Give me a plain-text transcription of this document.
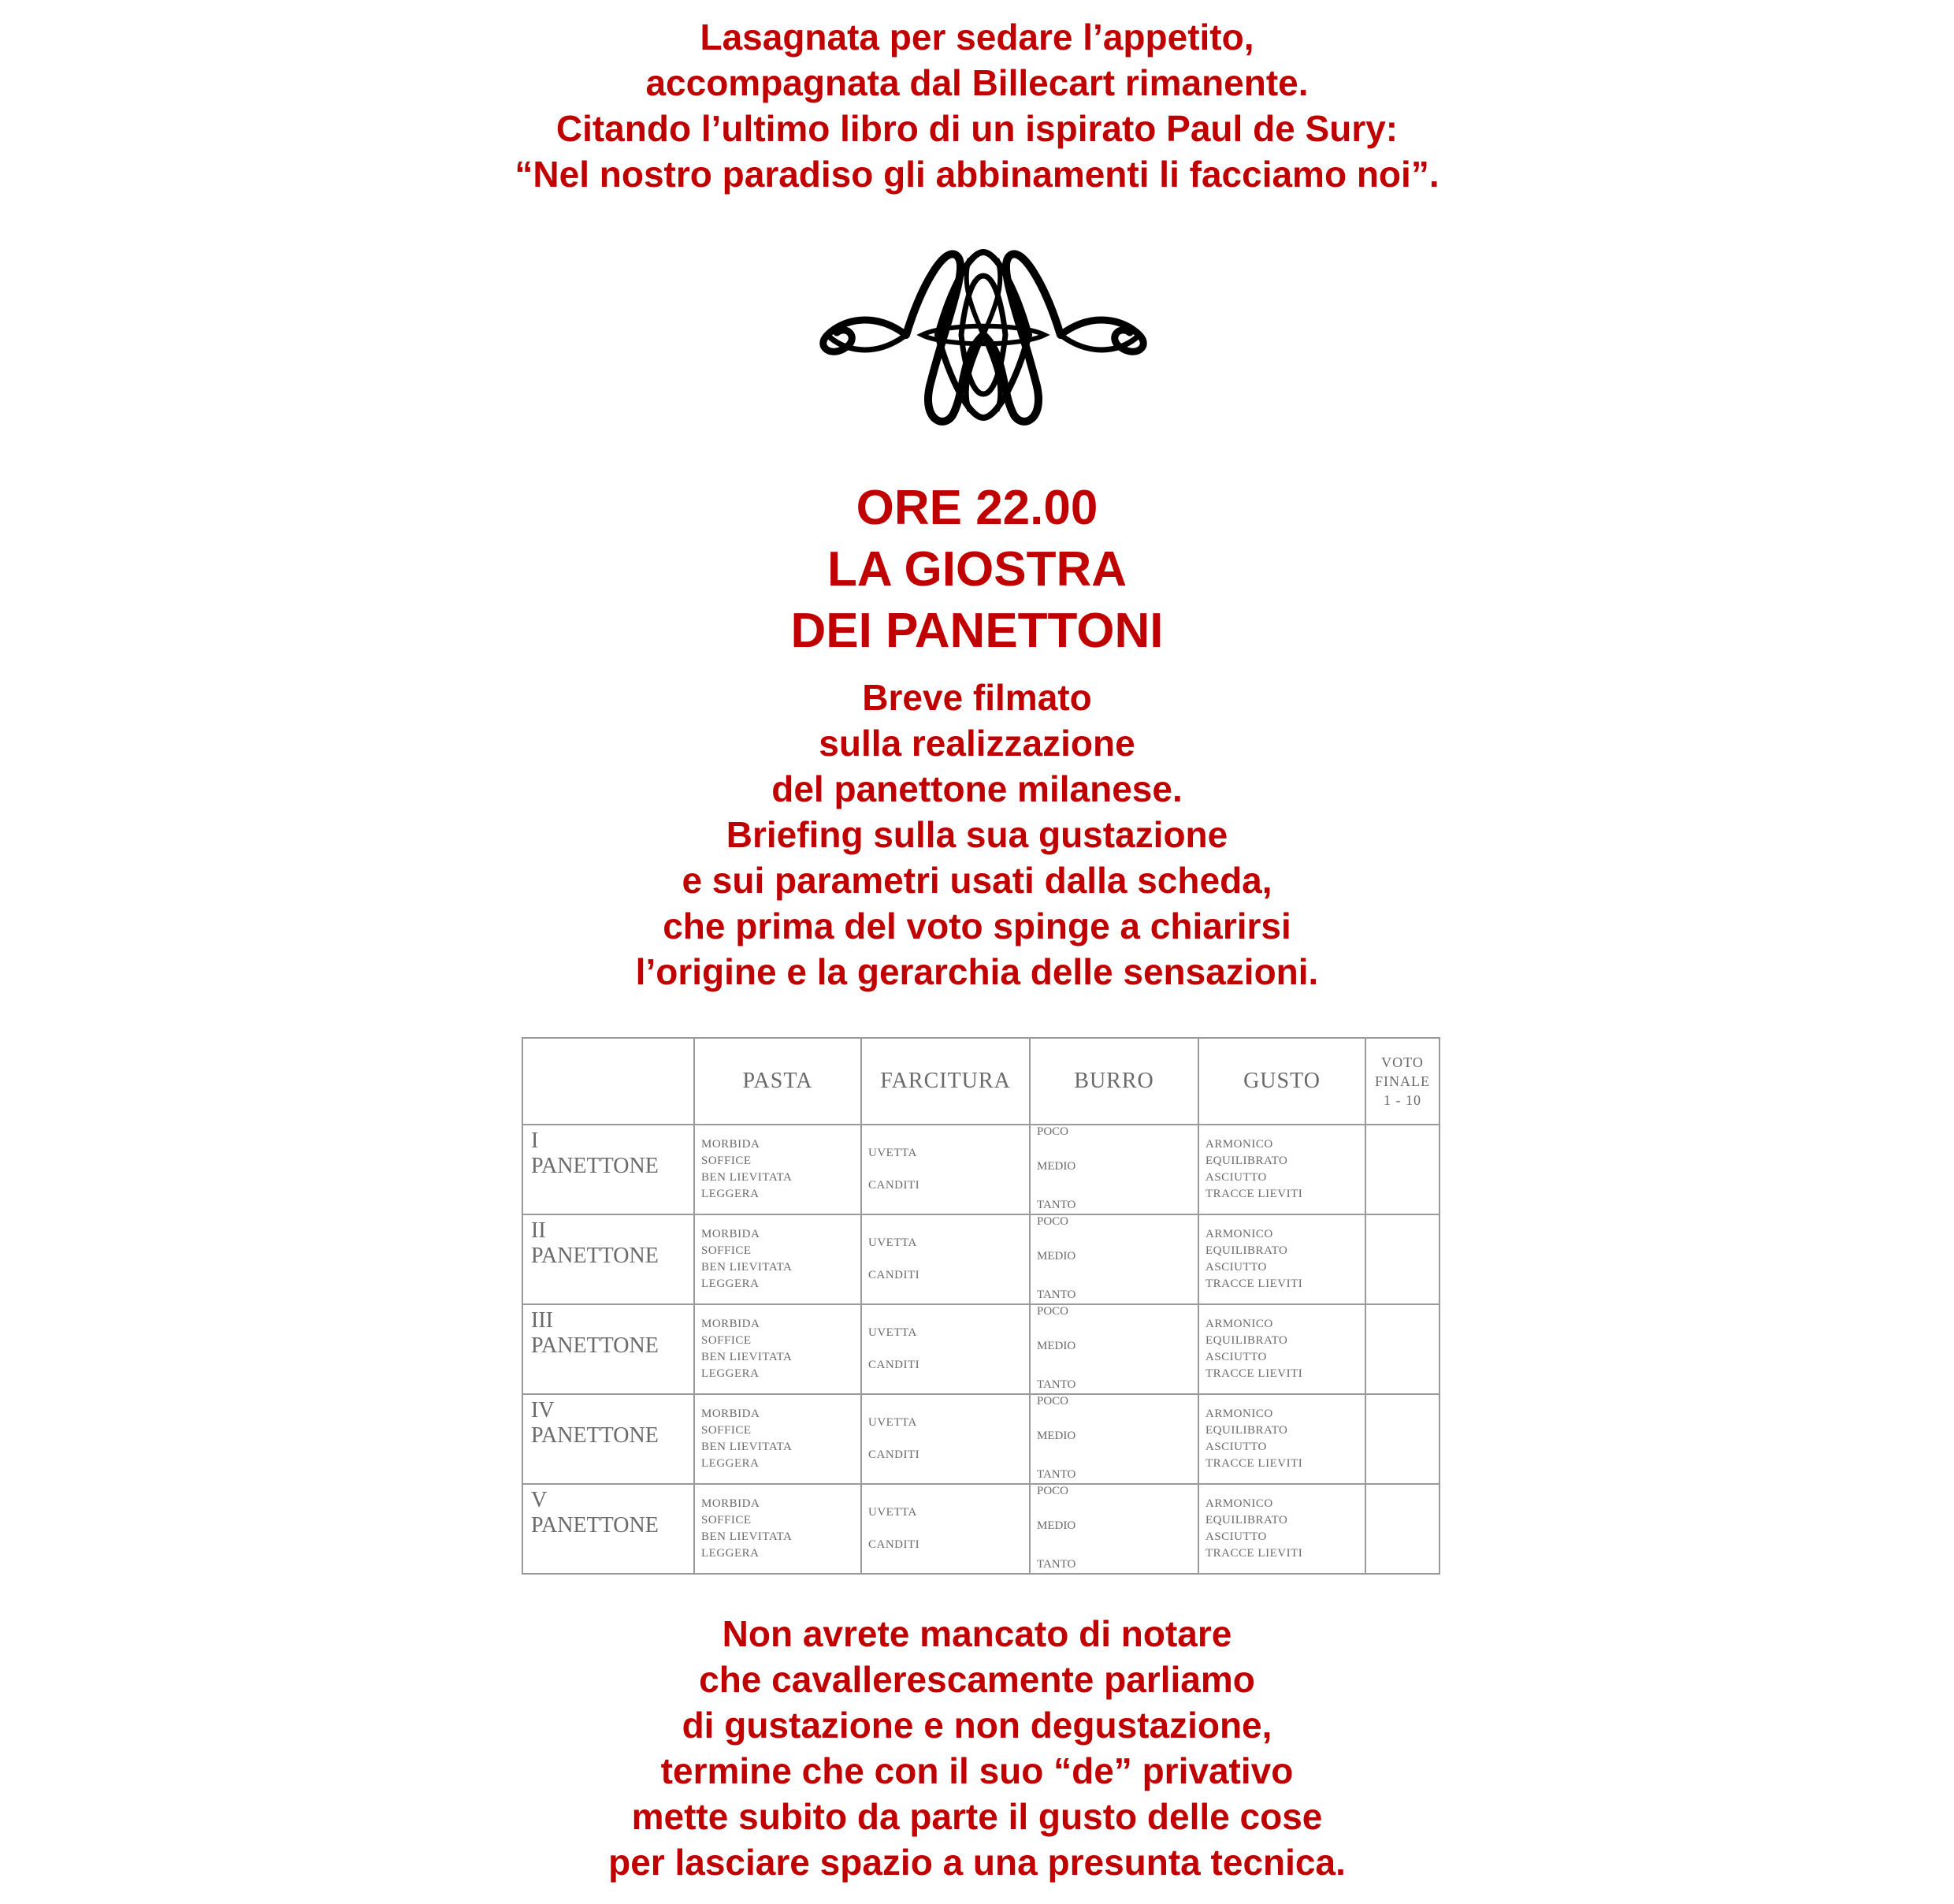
Lasagnata per sedare l’appetito,
accompagnata dal Billecart rimanente.
Citando l’ultimo libro di un ispirato Paul de Sury:
“Nel nostro paradiso gli abbinamenti li facciamo noi”.
ORE 22.00
LA GIOSTRA
DEI PANETTONI
Breve filmato
sulla realizzazione
del panettone milanese.
Briefing sulla sua gustazione
e sui parametri usati dalla scheda,
che prima del voto spinge a chiarirsi
l’origine e la gerarchia delle sensazioni.
	PASTA	FARCITURA	BURRO	GUSTO	VOTO
FINALE
1 - 10

I
PANETTONE	MORBIDA
SOFFICE
BEN LIEVITATA
LEGGERA	UVETTA
CANDITI	POCO
MEDIO
TANTO	ARMONICO
EQUILIBRATO
ASCIUTTO
TRACCE LIEVITI	

II
PANETTONE	MORBIDA
SOFFICE
BEN LIEVITATA
LEGGERA	UVETTA
CANDITI	POCO
MEDIO
TANTO	ARMONICO
EQUILIBRATO
ASCIUTTO
TRACCE LIEVITI	

III
PANETTONE	MORBIDA
SOFFICE
BEN LIEVITATA
LEGGERA	UVETTA
CANDITI	POCO
MEDIO
TANTO	ARMONICO
EQUILIBRATO
ASCIUTTO
TRACCE LIEVITI	

IV
PANETTONE	MORBIDA
SOFFICE
BEN LIEVITATA
LEGGERA	UVETTA
CANDITI	POCO
MEDIO
TANTO	ARMONICO
EQUILIBRATO
ASCIUTTO
TRACCE LIEVITI	

V
PANETTONE	MORBIDA
SOFFICE
BEN LIEVITATA
LEGGERA	UVETTA
CANDITI	POCO
MEDIO
TANTO	ARMONICO
EQUILIBRATO
ASCIUTTO
TRACCE LIEVITI	

Non avrete mancato di notare
che cavallerescamente parliamo
di gustazione e non degustazione,
termine che con il suo “de” privativo
mette subito da parte il gusto delle cose
per lasciare spazio a una presunta tecnica.
